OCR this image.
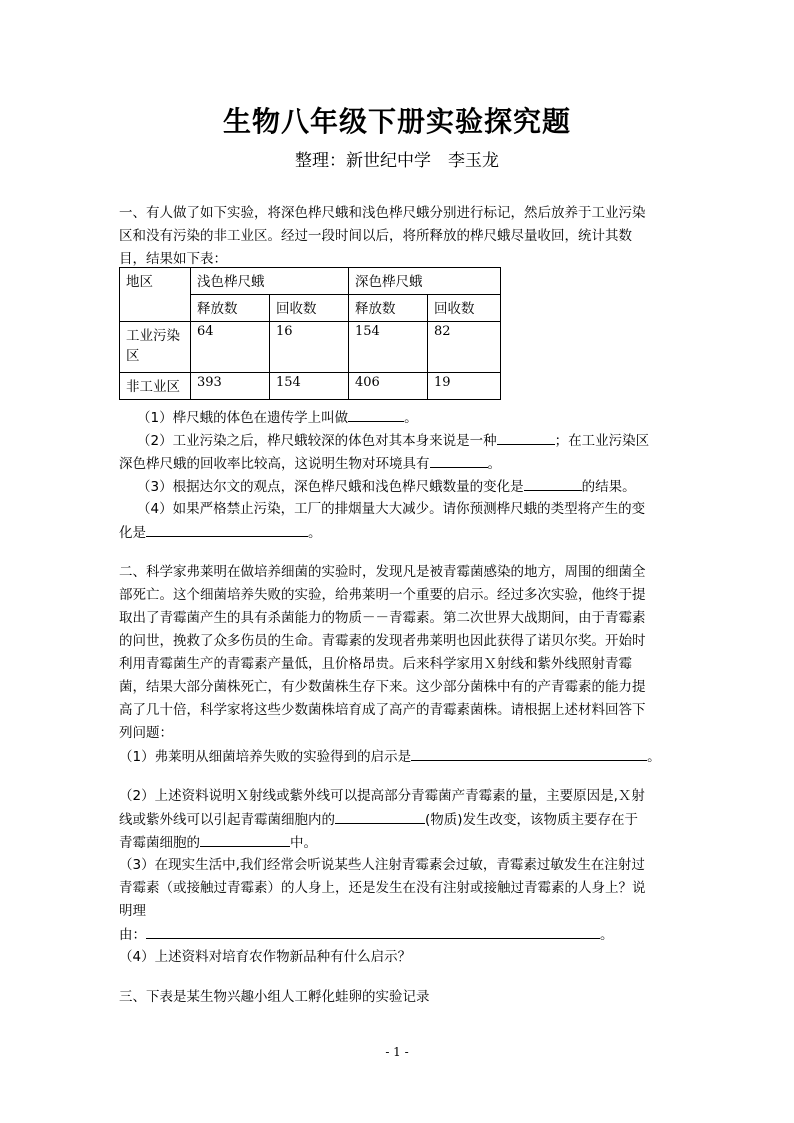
生物八年级下册实验探究题
整理：新世纪中学　李玉龙
一、有人做了如下实验，将深色桦尺蛾和浅色桦尺蛾分别进行标记，然后放养于工业污染
区和没有污染的非工业区。经过一段时间以后，将所释放的桦尺蛾尽量收回，统计其数
目，结果如下表：
地区	浅色桦尺蛾		深色桦尺蛾	
	释放数	回收数	释放数	回收数
工业污染
区	64	16	154	82
非工业区	393	154	406	19
（1）桦尺蛾的体色在遗传学上叫做	。
（2）工业污染之后，桦尺蛾较深的体色对其本身来说是一种	；在工业污染区
深色桦尺蛾的回收率比较高，这说明生物对环境具有	。
（3）根据达尔文的观点，深色桦尺蛾和浅色桦尺蛾数量的变化是	的结果。
（4）如果严格禁止污染，工厂的排烟量大大减少。请你预测桦尺蛾的类型将产生的变
化是	。
二、科学家弗莱明在做培养细菌的实验时，发现凡是被青霉菌感染的地方，周围的细菌全
部死亡。这个细菌培养失败的实验，给弗莱明一个重要的启示。经过多次实验，他终于提
取出了青霉菌产生的具有杀菌能力的物质－－青霉素。第二次世界大战期间，由于青霉素
的问世，挽救了众多伤员的生命。青霉素的发现者弗莱明也因此获得了诺贝尔奖。开始时
利用青霉菌生产的青霉素产量低，且价格昂贵。后来科学家用Ｘ射线和紫外线照射青霉
菌，结果大部分菌株死亡，有少数菌株生存下来。这少部分菌株中有的产青霉素的能力提
高了几十倍，科学家将这些少数菌株培育成了高产的青霉素菌株。请根据上述材料回答下
列问题：
（1）弗莱明从细菌培养失败的实验得到的启示是	。
（2）上述资料说明Ｘ射线或紫外线可以提高部分青霉菌产青霉素的量，主要原因是,Ｘ射
线或紫外线可以引起青霉菌细胞内的	(物质)发生改变，该物质主要存在于
青霉菌细胞的	中。
（3）在现实生活中,我们经常会听说某些人注射青霉素会过敏，青霉素过敏发生在注射过
青霉素（或接触过青霉素）的人身上，还是发生在没有注射或接触过青霉素的人身上？说
明理
由：	。
（4）上述资料对培育农作物新品种有什么启示？
三、下表是某生物兴趣小组人工孵化蛙卵的实验记录
- 1 -
